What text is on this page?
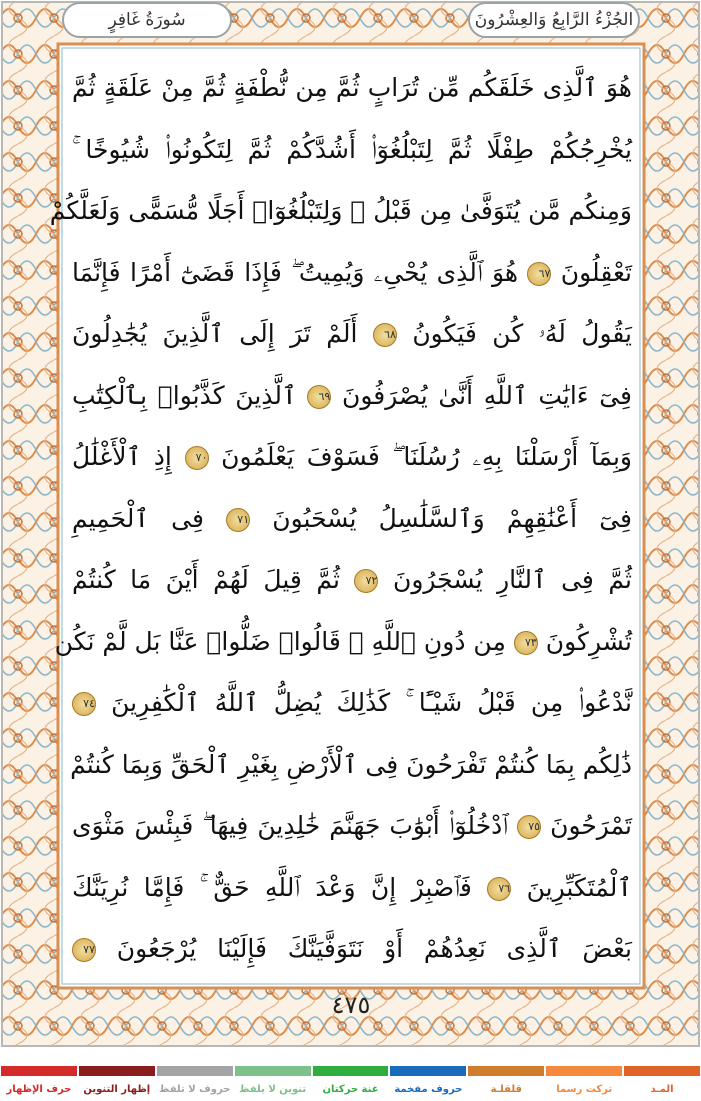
سُورَةُ غَافِرٍ	الجُزْءُ الرَّابِعُ وَالعِشْرُونَ
هُوَ ٱلَّذِى خَلَقَكُم مِّن تُرَابٍ ثُمَّ مِن نُّطْفَةٍ ثُمَّ مِنْ عَلَقَةٍ ثُمَّ
يُخْرِجُكُمْ طِفْلًا ثُمَّ لِتَبْلُغُوٓا۟ أَشُدَّكُمْ ثُمَّ لِتَكُونُوا۟ شُيُوخًا ۚ
وَمِنكُم مَّن يُتَوَفَّىٰ مِن قَبْلُ ۖ وَلِتَبْلُغُوٓا۟ أَجَلًا مُّسَمًّى وَلَعَلَّكُمْ
تَعْقِلُونَ ٦٧ هُوَ ٱلَّذِى يُحْىِۦ وَيُمِيتُ ۖ فَإِذَا قَضَىٰٓ أَمْرًا فَإِنَّمَا
يَقُولُ لَهُۥ كُن فَيَكُونُ ٦٨ أَلَمْ تَرَ إِلَى ٱلَّذِينَ يُجَٰدِلُونَ
فِىٓ ءَايَٰتِ ٱللَّهِ أَنَّىٰ يُصْرَفُونَ ٦٩ ٱلَّذِينَ كَذَّبُوا۟ بِٱلْكِتَٰبِ
وَبِمَآ أَرْسَلْنَا بِهِۦ رُسُلَنَا ۖ فَسَوْفَ يَعْلَمُونَ ٧٠ إِذِ ٱلْأَغْلَٰلُ
فِىٓ أَعْنَٰقِهِمْ وَٱلسَّلَٰسِلُ يُسْحَبُونَ ٧١ فِى ٱلْحَمِيمِ
ثُمَّ فِى ٱلنَّارِ يُسْجَرُونَ ٧٢ ثُمَّ قِيلَ لَهُمْ أَيْنَ مَا كُنتُمْ
تُشْرِكُونَ ٧٣ مِن دُونِ ٱللَّهِ ۖ قَالُوا۟ ضَلُّوا۟ عَنَّا بَل لَّمْ نَكُن
نَّدْعُوا۟ مِن قَبْلُ شَيْـًٔا ۚ كَذَٰلِكَ يُضِلُّ ٱللَّهُ ٱلْكَٰفِرِينَ ٧٤
ذَٰلِكُم بِمَا كُنتُمْ تَفْرَحُونَ فِى ٱلْأَرْضِ بِغَيْرِ ٱلْحَقِّ وَبِمَا كُنتُمْ
تَمْرَحُونَ ٧٥ ٱدْخُلُوٓا۟ أَبْوَٰبَ جَهَنَّمَ خَٰلِدِينَ فِيهَا ۖ فَبِئْسَ مَثْوَى
ٱلْمُتَكَبِّرِينَ ٧٦ فَٱصْبِرْ إِنَّ وَعْدَ ٱللَّهِ حَقٌّ ۚ فَإِمَّا نُرِيَنَّكَ
بَعْضَ ٱلَّذِى نَعِدُهُمْ أَوْ نَتَوَفَّيَنَّكَ فَإِلَيْنَا يُرْجَعُونَ ٧٧
٤٧٥
المـد
تركت رسما
قلقلـة
حروف مفخمة
غنة حركتان
تنوين لا يلفظ
حروف لا تلفظ
إظهار التنوين
حرف الإظهار
